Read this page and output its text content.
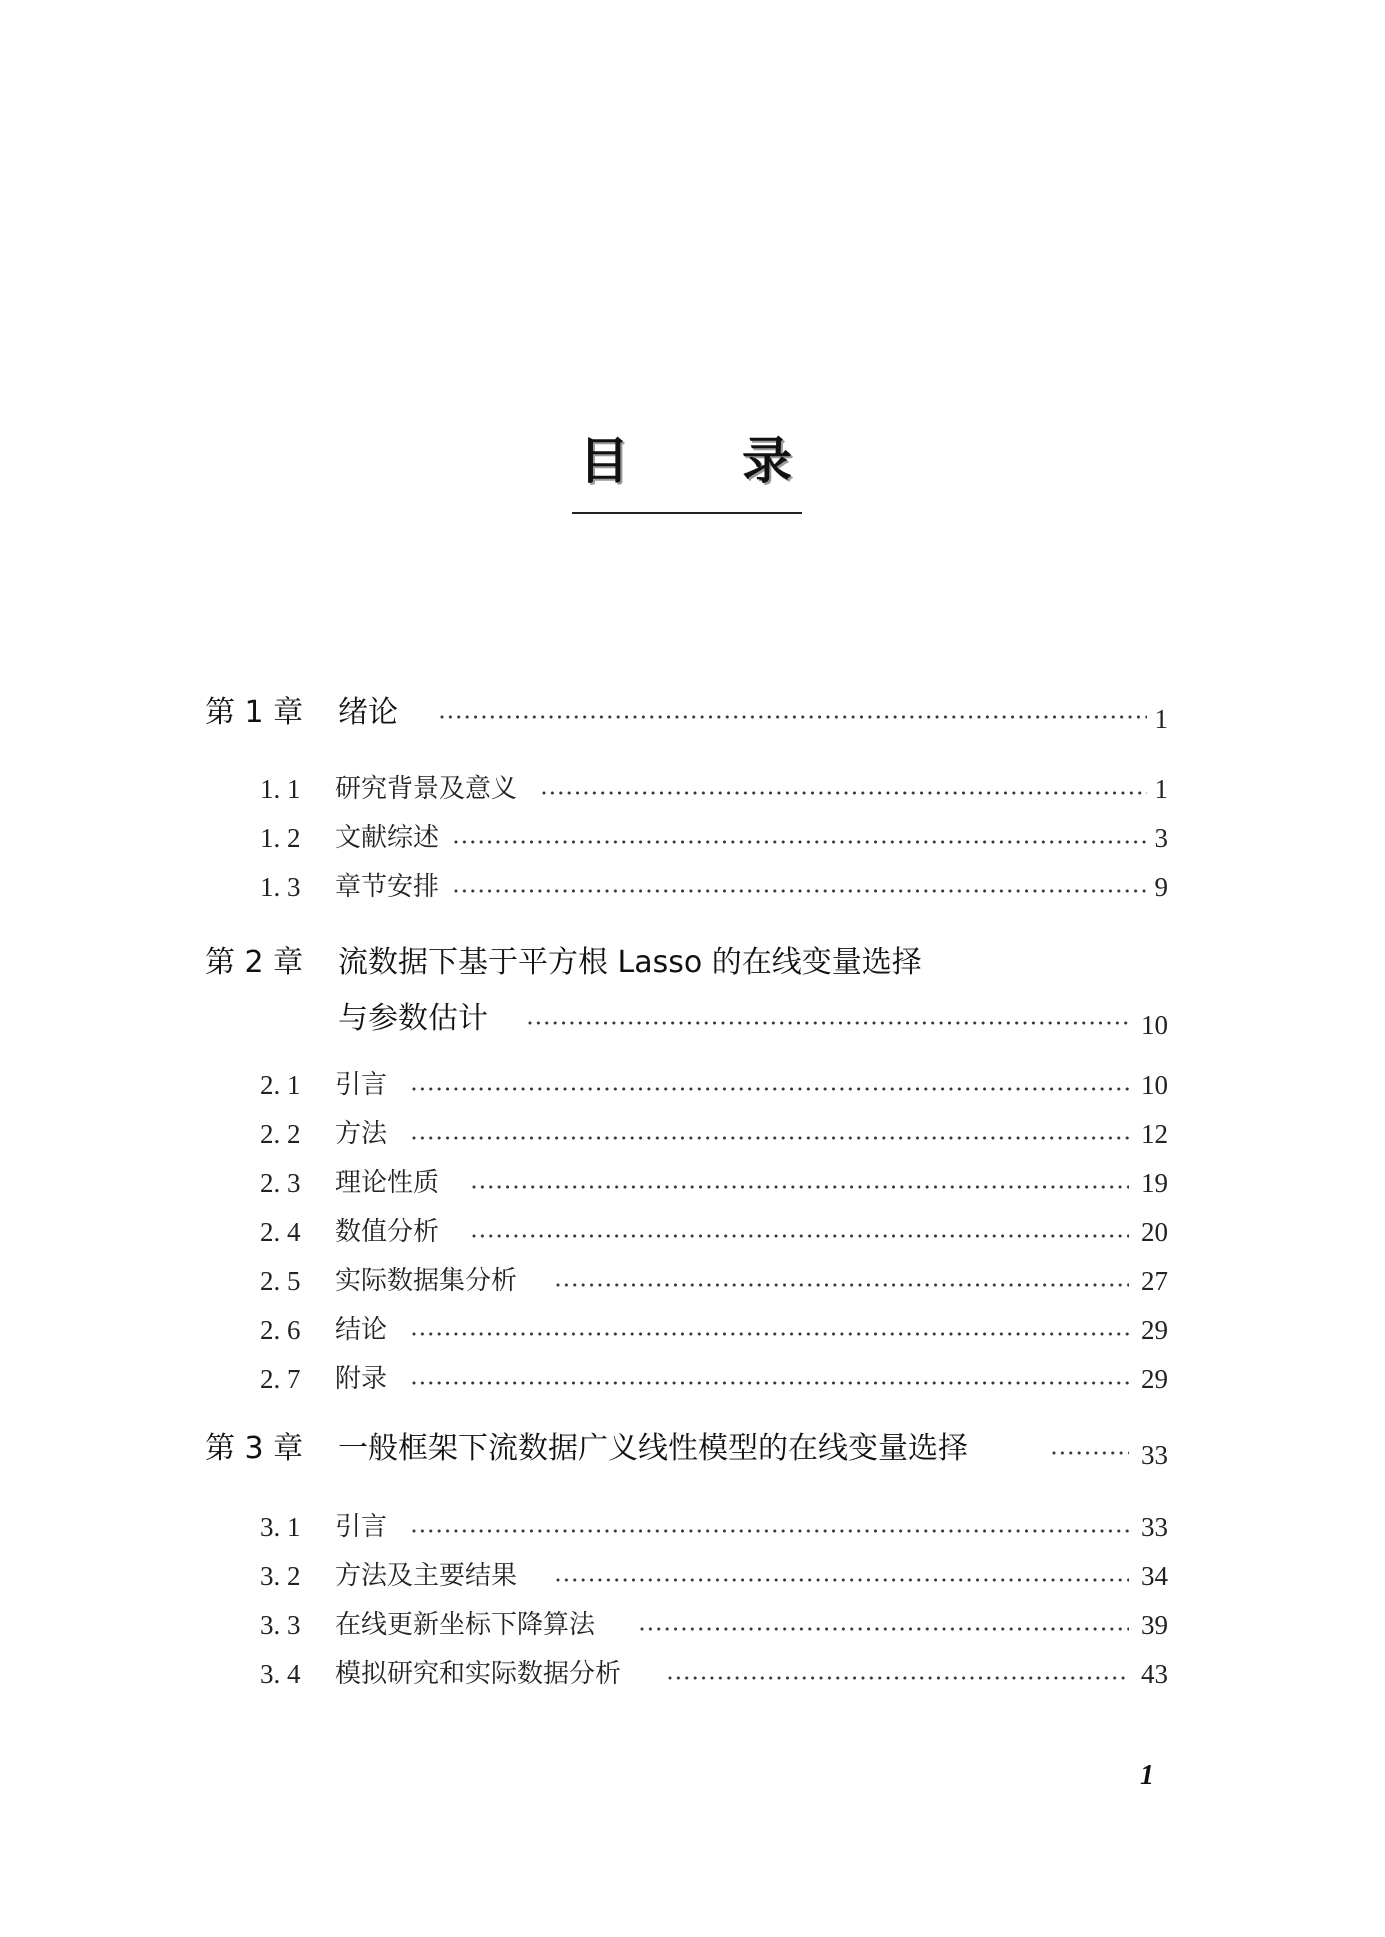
目 录
第 1 章 绪论	1
1. 1 研究背景及意义	1
1. 2 文献综述	3
1. 3 章节安排	9
第 2 章 流数据下基于平方根 Lasso 的在线变量选择
与参数估计	10
2. 1 引言	10
2. 2 方法	12
2. 3 理论性质	19
2. 4 数值分析	20
2. 5 实际数据集分析	27
2. 6 结论	29
2. 7 附录	29
第 3 章 一般框架下流数据广义线性模型的在线变量选择	33
3. 1 引言	33
3. 2 方法及主要结果	34
3. 3 在线更新坐标下降算法	39
3. 4 模拟研究和实际数据分析	43
1
